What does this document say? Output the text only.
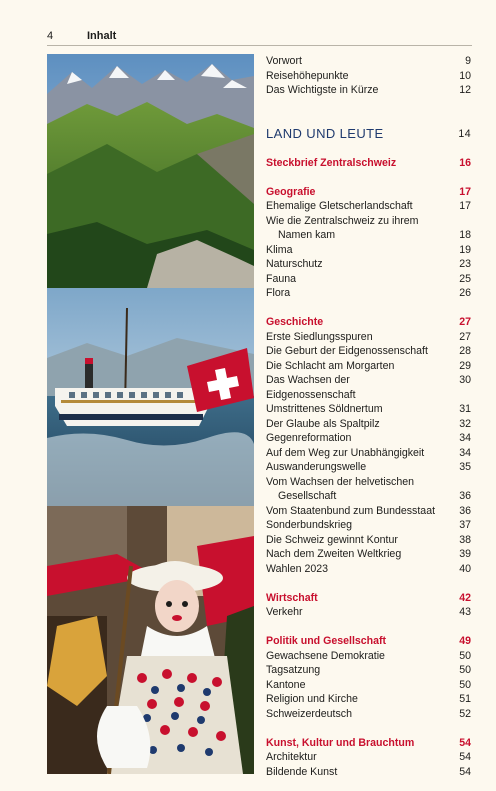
4	Inhalt
Vorwort	9
Reisehöhepunkte	10
Das Wichtigste in Kürze	12
LAND UND LEUTE	14
Steckbrief Zentralschweiz	16
Geografie	17
Ehemalige Gletscherlandschaft	17
Wie die Zentralschweiz zu ihrem
Namen kam	18
Klima	19
Naturschutz	23
Fauna	25
Flora	26
Geschichte	27
Erste Siedlungsspuren	27
Die Geburt der Eidgenossenschaft	28
Die Schlacht am Morgarten	29
Das Wachsen der Eidgenossenschaft
30
Umstrittenes Söldnertum	31
Der Glaube als Spaltpilz	32
Gegenreformation	34
Auf dem Weg zur Unabhängigkeit	34
Auswanderungswelle	35
Vom Wachsen der helvetischen
Gesellschaft	36
Vom Staatenbund zum Bundesstaat 36
Sonderbundskrieg	37
Die Schweiz gewinnt Kontur	38
Nach dem Zweiten Weltkrieg	39
Wahlen 2023	40
Wirtschaft	42
Verkehr	43
Politik und Gesellschaft	49
Gewachsene Demokratie	50
Tagsatzung	50
Kantone	50
Religion und Kirche	51
Schweizerdeutsch	52
Kunst, Kultur und Brauchtum	54
Architektur	54
Bildende Kunst	54
